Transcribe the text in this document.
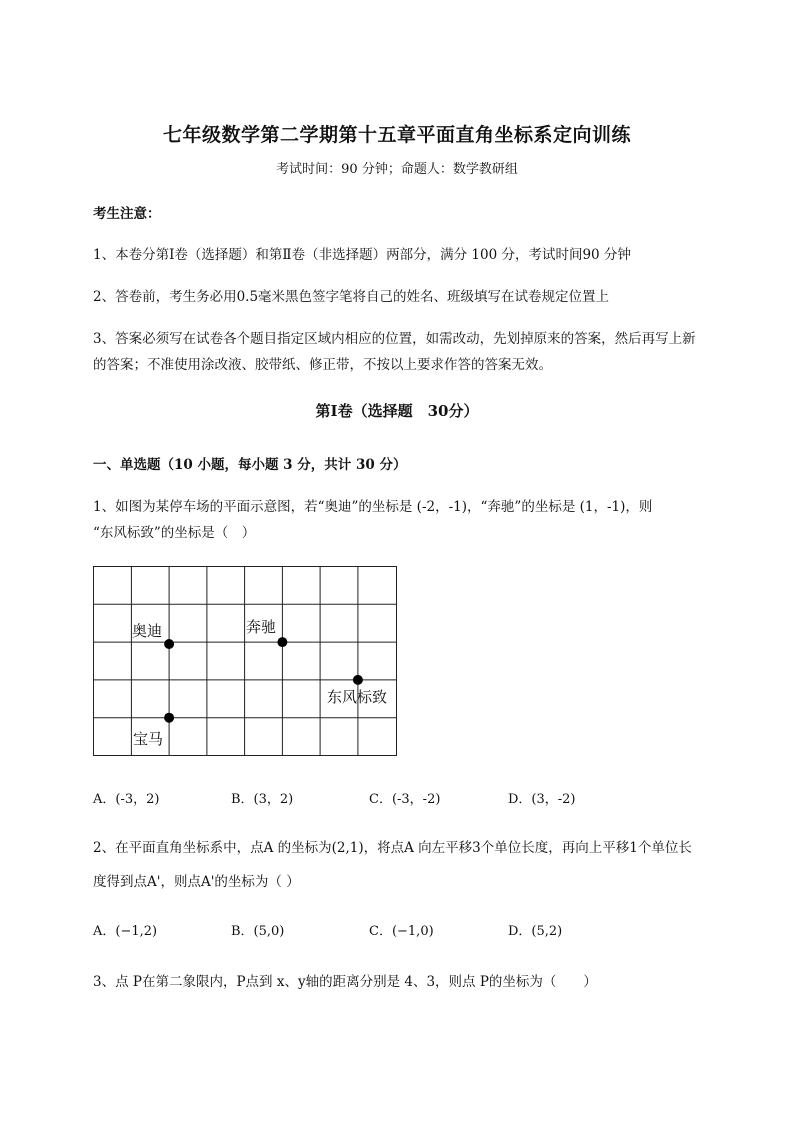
七年级数学第二学期第十五章平面直角坐标系定向训练
考试时间：90 分钟；命题人：数学教研组
考生注意：
1、本卷分第Ⅰ卷（选择题）和第Ⅱ卷（非选择题）两部分，满分 100 分，考试时间90 分钟
2、答卷前，考生务必用0.5毫米黑色签字笔将自己的姓名、班级填写在试卷规定位置上
3、答案必须写在试卷各个题目指定区域内相应的位置，如需改动，先划掉原来的答案，然后再写上新
的答案；不准使用涂改液、胶带纸、修正带，不按以上要求作答的答案无效。
第Ⅰ卷（选择题　30分）
一、单选题（10 小题，每小题 3 分，共计 30 分）
1、如图为某停车场的平面示意图，若“奥迪”的坐标是 (-2，-1)，“奔驰”的坐标是 (1，-1)，则
“东风标致”的坐标是（　）
奥迪	奔驰
东风标致
宝马
A．(-3，2)	B．(3，2)	C．(-3，-2)	D．(3，-2)
2、在平面直角坐标系中，点A 的坐标为(2,1)，将点A 向左平移3个单位长度，再向上平移1个单位长
度得到点A'，则点A'的坐标为（ ）
A．(−1,2)	B．(5,0)	C．(−1,0)	D．(5,2)
3、点 P在第二象限内，P点到 x、y轴的距离分别是 4、3，则点 P的坐标为（　　）
